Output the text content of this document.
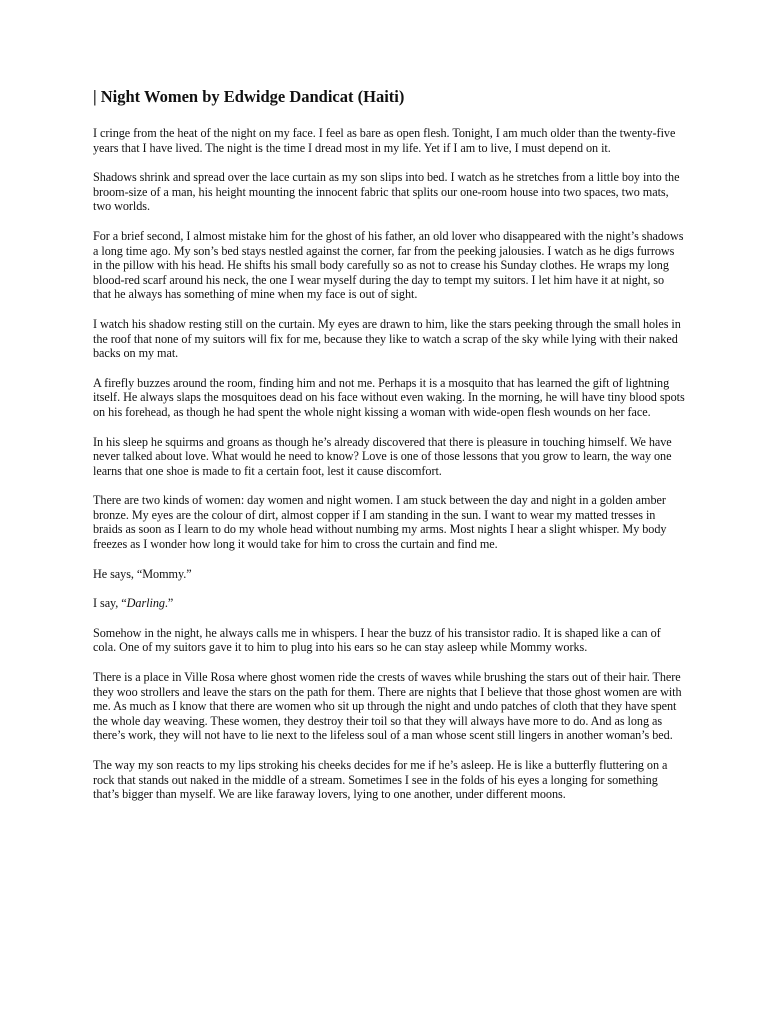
| Night Women by Edwidge Dandicat (Haiti)

I cringe from the heat of the night on my face. I feel as bare as open flesh. Tonight, I am much older than the twenty-five years that I have lived. The night is the time I dread most in my life. Yet if I am to live, I must depend on it.

Shadows shrink and spread over the lace curtain as my son slips into bed. I watch as he stretches from a little boy into the broom-size of a man, his height mounting the innocent fabric that splits our one-room house into two spaces, two mats, two worlds.

For a brief second, I almost mistake him for the ghost of his father, an old lover who disappeared with the night’s shadows a long time ago. My son’s bed stays nestled against the corner, far from the peeking jalousies. I watch as he digs furrows in the pillow with his head. He shifts his small body carefully so as not to crease his Sunday clothes. He wraps my long blood-red scarf around his neck, the one I wear myself during the day to tempt my suitors. I let him have it at night, so that he always has something of mine when my face is out of sight.

I watch his shadow resting still on the curtain. My eyes are drawn to him, like the stars peeking through the small holes in the roof that none of my suitors will fix for me, because they like to watch a scrap of the sky while lying with their naked backs on my mat.

A firefly buzzes around the room, finding him and not me. Perhaps it is a mosquito that has learned the gift of lightning itself. He always slaps the mosquitoes dead on his face without even waking. In the morning, he will have tiny blood spots on his forehead, as though he had spent the whole night kissing a woman with wide-open flesh wounds on her face.

In his sleep he squirms and groans as though he’s already discovered that there is pleasure in touching himself. We have never talked about love. What would he need to know? Love is one of those lessons that you grow to learn, the way one learns that one shoe is made to fit a certain foot, lest it cause discomfort.

There are two kinds of women: day women and night women. I am stuck between the day and night in a golden amber bronze. My eyes are the colour of dirt, almost copper if I am standing in the sun. I want to wear my matted tresses in braids as soon as I learn to do my whole head without numbing my arms. Most nights I hear a slight whisper. My body freezes as I wonder how long it would take for him to cross the curtain and find me.

He says, “Mommy.”

I say, “Darling.”

Somehow in the night, he always calls me in whispers. I hear the buzz of his transistor radio. It is shaped like a can of cola. One of my suitors gave it to him to plug into his ears so he can stay asleep while Mommy works.

There is a place in Ville Rosa where ghost women ride the crests of waves while brushing the stars out of their hair. There they woo strollers and leave the stars on the path for them. There are nights that I believe that those ghost women are with me. As much as I know that there are women who sit up through the night and undo patches of cloth that they have spent the whole day weaving. These women, they destroy their toil so that they will always have more to do. And as long as there’s work, they will not have to lie next to the lifeless soul of a man whose scent still lingers in another woman’s bed.

The way my son reacts to my lips stroking his cheeks decides for me if he’s asleep. He is like a butterfly fluttering on a rock that stands out naked in the middle of a stream. Sometimes I see in the folds of his eyes a longing for something that’s bigger than myself. We are like faraway lovers, lying to one another, under different moons.
